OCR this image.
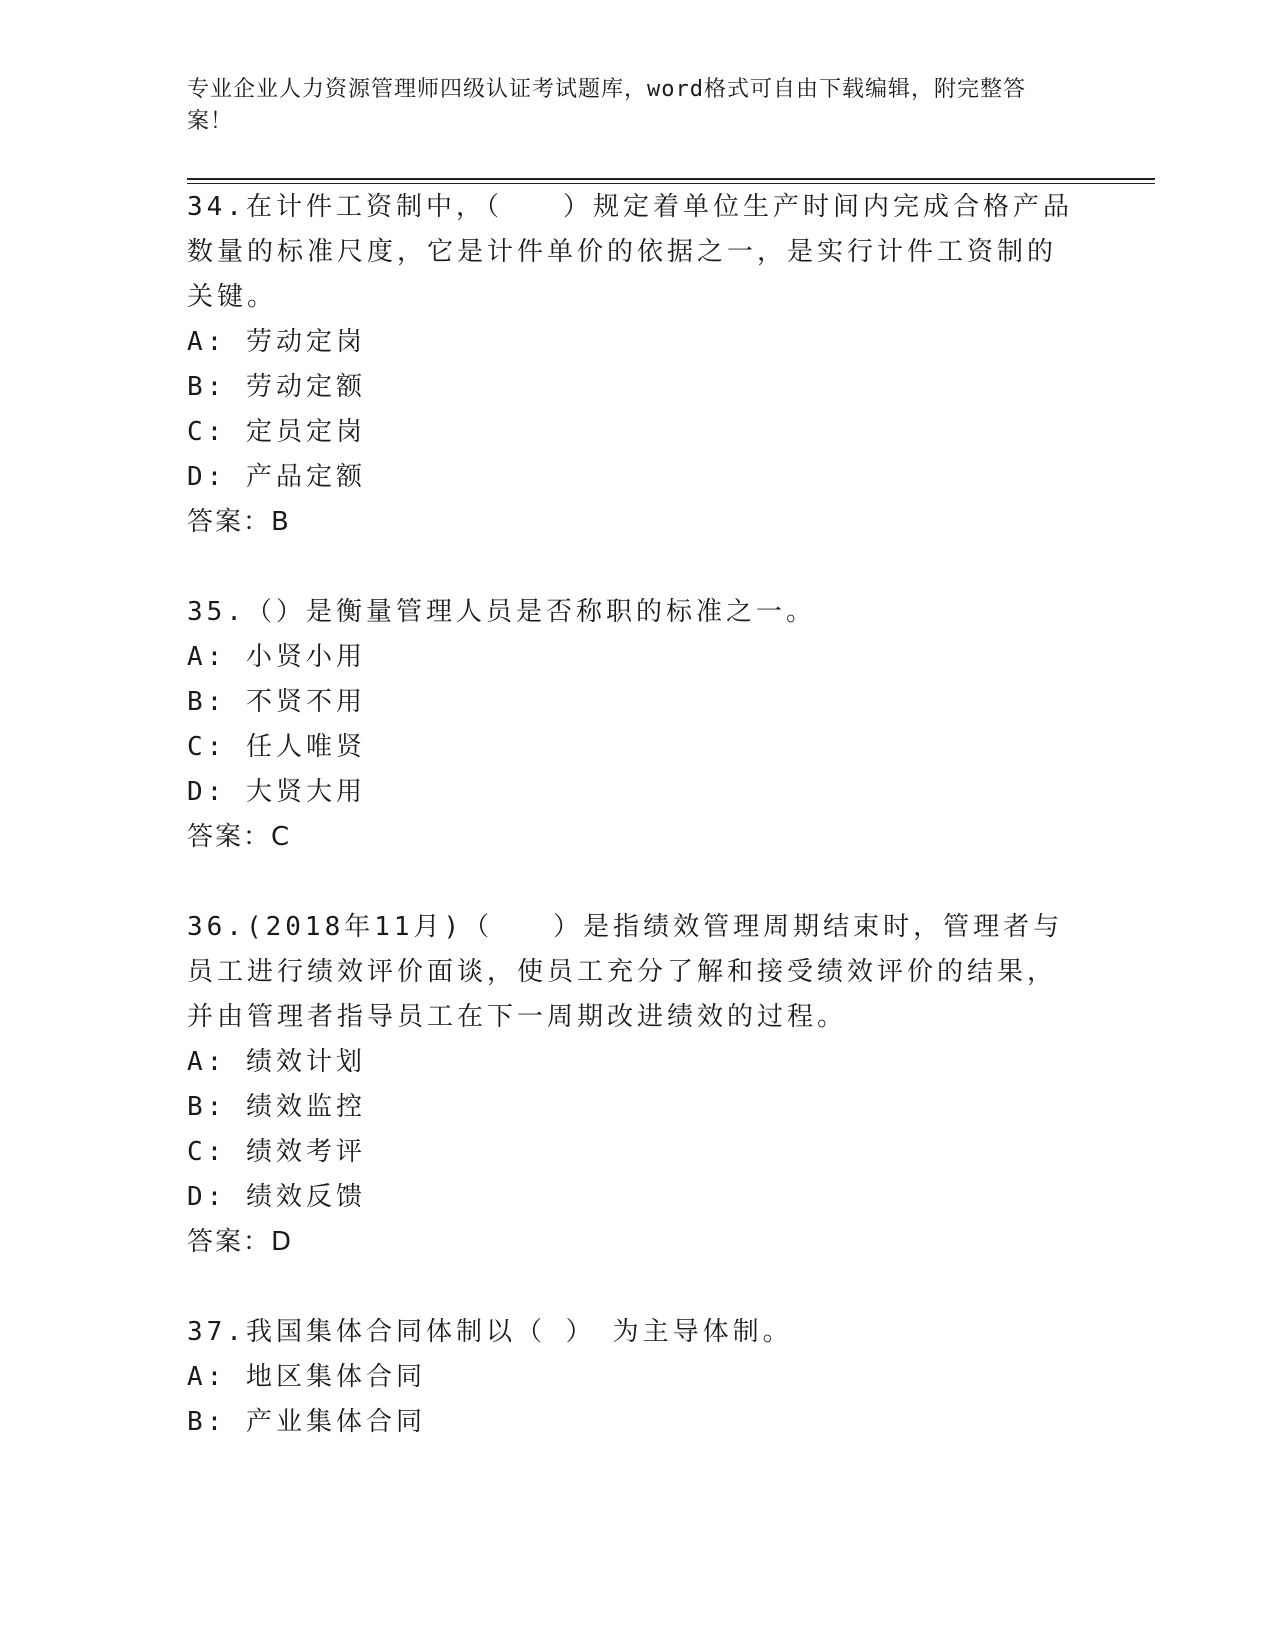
专业企业人力资源管理师四级认证考试题库，word格式可自由下载编辑，附完整答案！

34.在计件工资制中，（　　）规定着单位生产时间内完成合格产品数量的标准尺度，它是计件单价的依据之一，是实行计件工资制的关键。

A: 劳动定岗

B: 劳动定额

C: 定员定岗

D: 产品定额

答案：B

35.（）是衡量管理人员是否称职的标准之一。

A: 小贤小用

B: 不贤不用

C: 任人唯贤

D: 大贤大用

答案：C

36.(2018年11月)（　　）是指绩效管理周期结束时，管理者与员工进行绩效评价面谈，使员工充分了解和接受绩效评价的结果，并由管理者指导员工在下一周期改进绩效的过程。

A: 绩效计划

B: 绩效监控

C: 绩效考评

D: 绩效反馈

答案：D

37.我国集体合同体制以（ ）　为主导体制。

A: 地区集体合同

B: 产业集体合同
